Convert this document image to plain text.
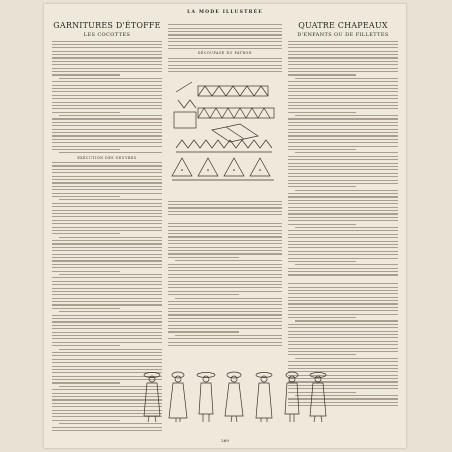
LA MODE ILLUSTRÉE
GARNITURES D'ÉTOFFE
LES COCOTTES
EXÉCUTION DES OEUVRES
DÉCOUPAGE DU PATRON
QUATRE CHAPEAUX
D'ENFANTS OU DE FILLETTES
269
